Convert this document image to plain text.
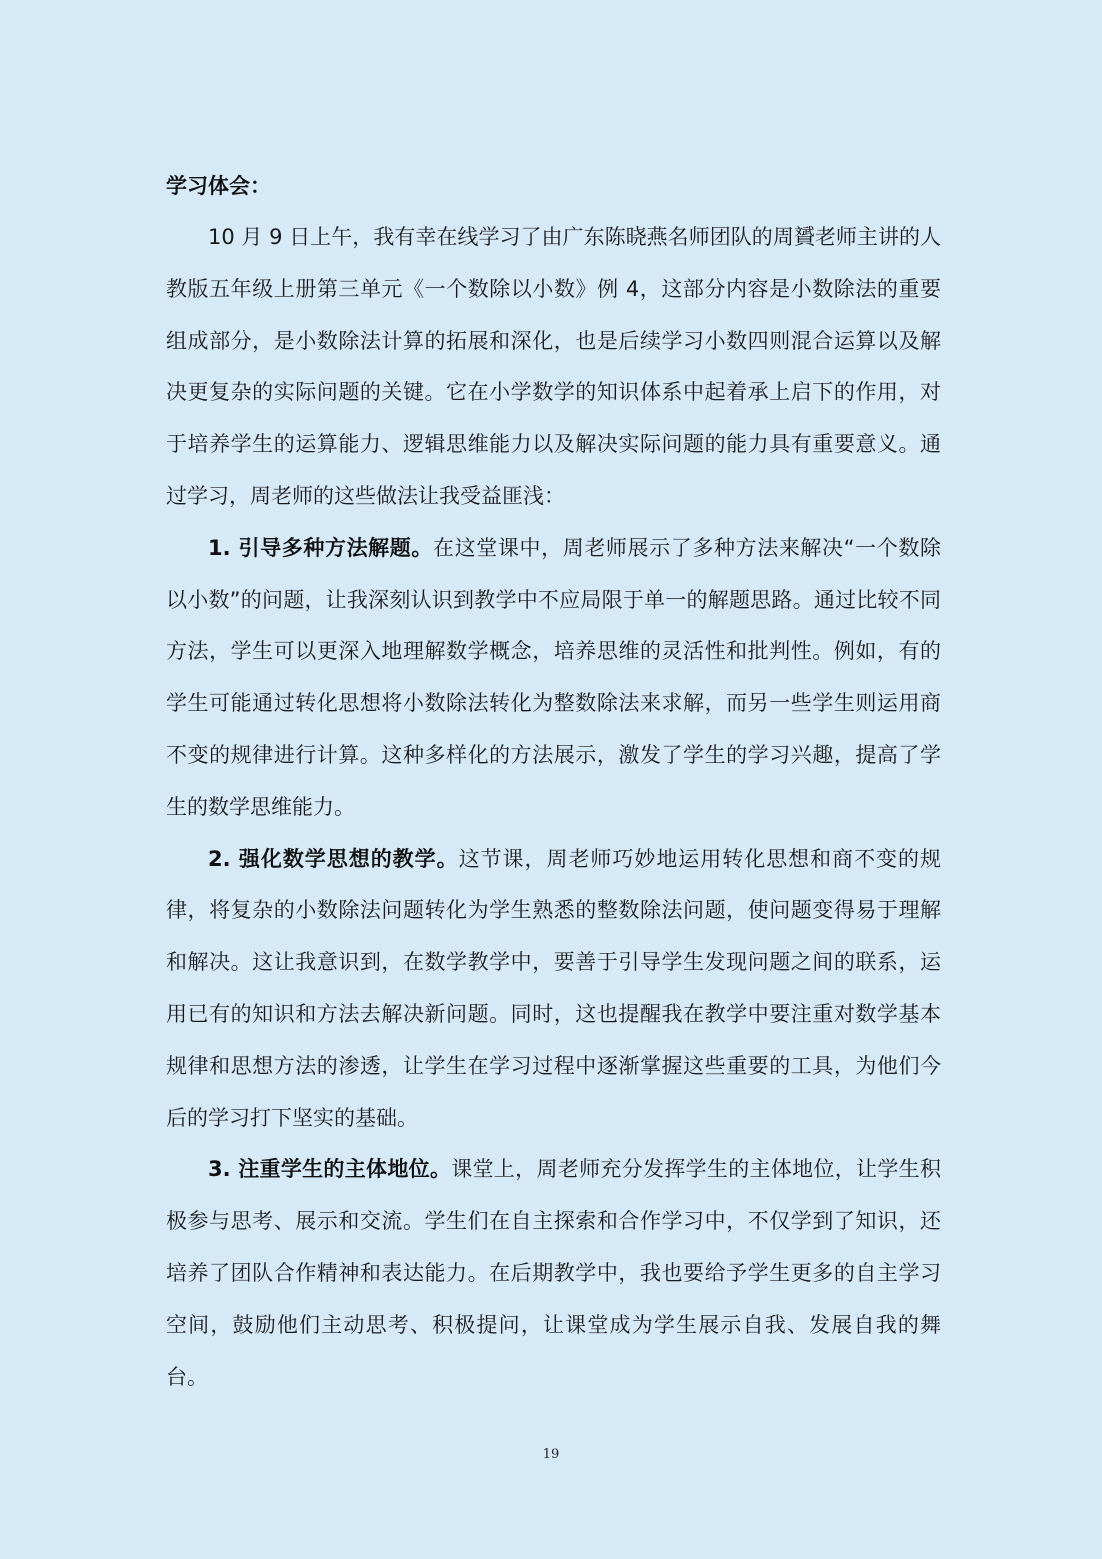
学习体会：

10 月 9 日上午，我有幸在线学习了由广东陈晓燕名师团队的周贇老师主讲的人教版五年级上册第三单元《一个数除以小数》例 4，这部分内容是小数除法的重要组成部分，是小数除法计算的拓展和深化，也是后续学习小数四则混合运算以及解决更复杂的实际问题的关键。它在小学数学的知识体系中起着承上启下的作用，对于培养学生的运算能力、逻辑思维能力以及解决实际问题的能力具有重要意义。通过学习，周老师的这些做法让我受益匪浅：

1. 引导多种方法解题。在这堂课中，周老师展示了多种方法来解决“一个数除以小数”的问题，让我深刻认识到教学中不应局限于单一的解题思路。通过比较不同方法，学生可以更深入地理解数学概念，培养思维的灵活性和批判性。例如，有的学生可能通过转化思想将小数除法转化为整数除法来求解，而另一些学生则运用商不变的规律进行计算。这种多样化的方法展示，激发了学生的学习兴趣，提高了学生的数学思维能力。

2. 强化数学思想的教学。这节课，周老师巧妙地运用转化思想和商不变的规律，将复杂的小数除法问题转化为学生熟悉的整数除法问题，使问题变得易于理解和解决。这让我意识到，在数学教学中，要善于引导学生发现问题之间的联系，运用已有的知识和方法去解决新问题。同时，这也提醒我在教学中要注重对数学基本规律和思想方法的渗透，让学生在学习过程中逐渐掌握这些重要的工具，为他们今后的学习打下坚实的基础。

3. 注重学生的主体地位。课堂上，周老师充分发挥学生的主体地位，让学生积极参与思考、展示和交流。学生们在自主探索和合作学习中，不仅学到了知识，还培养了团队合作精神和表达能力。在后期教学中，我也要给予学生更多的自主学习空间，鼓励他们主动思考、积极提问，让课堂成为学生展示自我、发展自我的舞台。

19
